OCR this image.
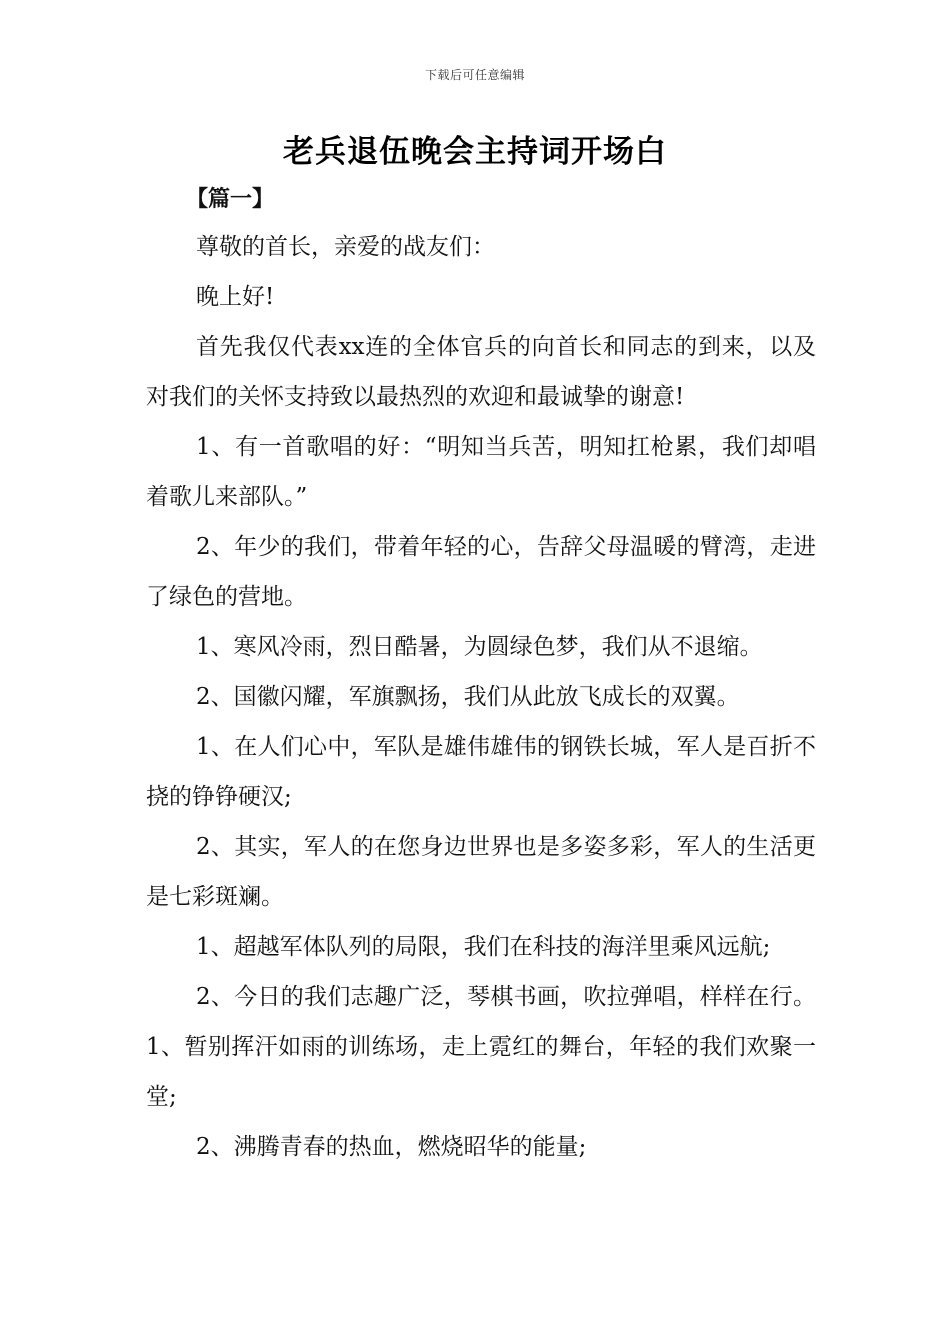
下载后可任意编辑
老兵退伍晚会主持词开场白

【篇一】

尊敬的首长，亲爱的战友们：

晚上好!

首先我仅代表xx连的全体官兵的向首长和同志的到来，以及对我们的关怀支持致以最热烈的欢迎和最诚挚的谢意!

1、有一首歌唱的好：“明知当兵苦，明知扛枪累，我们却唱着歌儿来部队。”

2、年少的我们，带着年轻的心，告辞父母温暖的臂湾，走进了绿色的营地。

1、寒风冷雨，烈日酷暑，为圆绿色梦，我们从不退缩。

2、国徽闪耀，军旗飘扬，我们从此放飞成长的双翼。

1、在人们心中，军队是雄伟雄伟的钢铁长城，军人是百折不挠的铮铮硬汉;

2、其实，军人的在您身边世界也是多姿多彩，军人的生活更是七彩斑斓。

1、超越军体队列的局限，我们在科技的海洋里乘风远航;

2、今日的我们志趣广泛，琴棋书画，吹拉弹唱，样样在行。1、暂别挥汗如雨的训练场，走上霓红的舞台，年轻的我们欢聚一堂;

2、沸腾青春的热血，燃烧昭华的能量;
